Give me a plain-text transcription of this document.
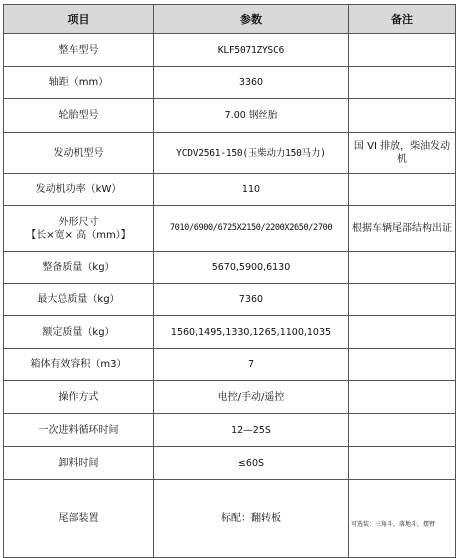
项目	参数	备注
整车型号	KLF5071ZYSC6	
轴距（mm）	3360	
轮胎型号	7.00 钢丝胎	
发动机型号	YCDV2561-150(玉柴动力150马力)	国 VI 排放，柴油发动机
发动机功率（kW）	110	

外形尺寸
【长×宽× 高（mm）】	7010/6900/6725X2150/2200X2650/2700	根据车辆尾部结构出证
整备质量（kg）	5670,5900,6130	
最大总质量（kg）	7360	
额定质量（kg）	1560,1495,1330,1265,1100,1035	
箱体有效容积（m3）	7	
操作方式	电控/手动/遥控	
一次进料循环时间	12—25S	
卸料时间	≤60S	
尾部装置	标配：翻转板	可选装：三角斗，落地斗，摆臂
